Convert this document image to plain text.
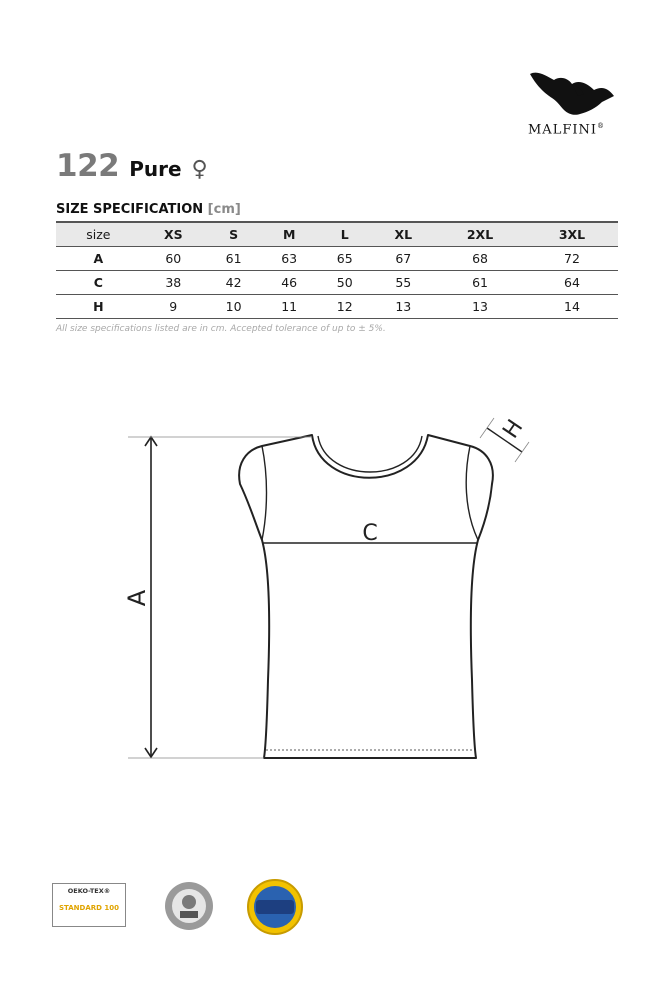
MALFINI®
122 Pure ♀
SIZE SPECIFICATION [cm]
size	XS	S	M	L	XL	2XL	3XL
A	60	61	63	65	67	68	72
C	38	42	46	50	55	61	64
H	9	10	11	12	13	13	14
All size specifications listed are in cm. Accepted tolerance of up to ± 5%.
A
C
H
OEKO-TEX®
STANDARD 100
